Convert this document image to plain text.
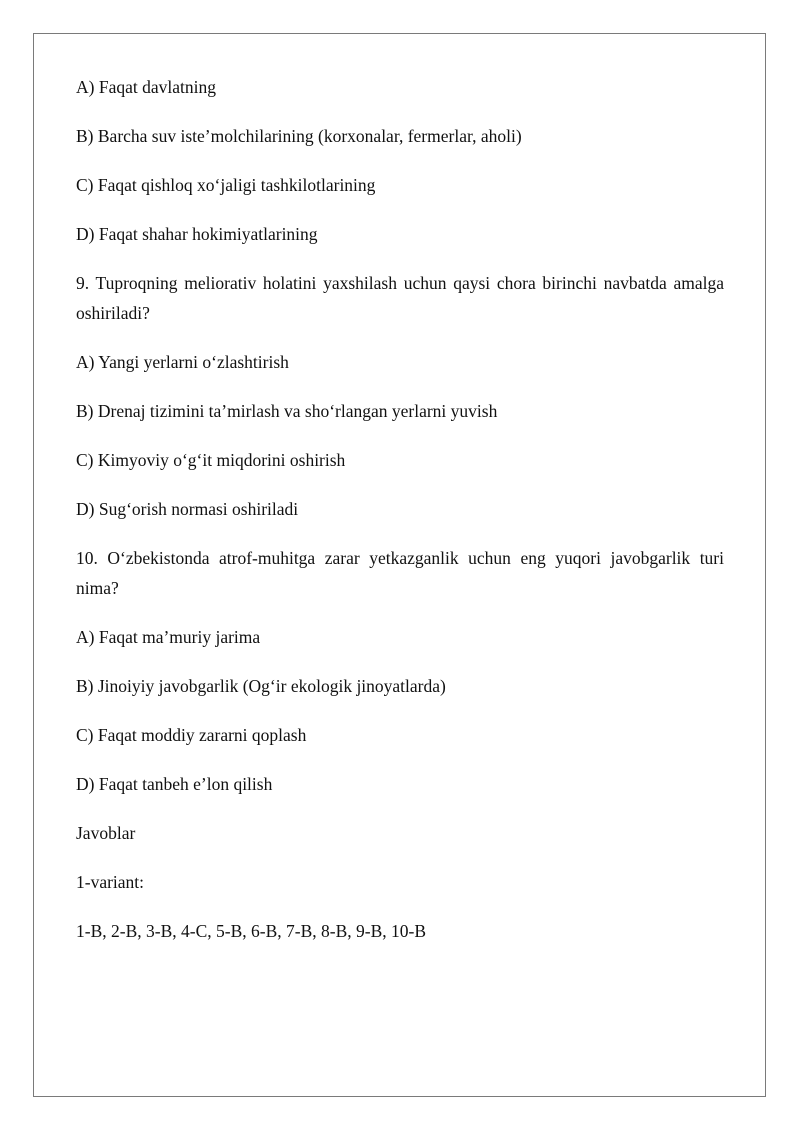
A) Faqat davlatning

B) Barcha suv iste’molchilarining (korxonalar, fermerlar, aholi)

C) Faqat qishloq xo‘jaligi tashkilotlarining

D) Faqat shahar hokimiyatlarining

9. Tuproqning meliorativ holatini yaxshilash uchun qaysi chora birinchi navbatda amalga oshiriladi?

A) Yangi yerlarni o‘zlashtirish

B) Drenaj tizimini ta’mirlash va sho‘rlangan yerlarni yuvish

C) Kimyoviy o‘g‘it miqdorini oshirish

D) Sug‘orish normasi oshiriladi

10. O‘zbekistonda atrof-muhitga zarar yetkazganlik uchun eng yuqori javobgarlik turi nima?

A) Faqat ma’muriy jarima

B) Jinoiyiy javobgarlik (Og‘ir ekologik jinoyatlarda)

C) Faqat moddiy zararni qoplash

D) Faqat tanbeh e’lon qilish

Javoblar

1-variant:

1-B, 2-B, 3-B, 4-C, 5-B, 6-B, 7-B, 8-B, 9-B, 10-B
